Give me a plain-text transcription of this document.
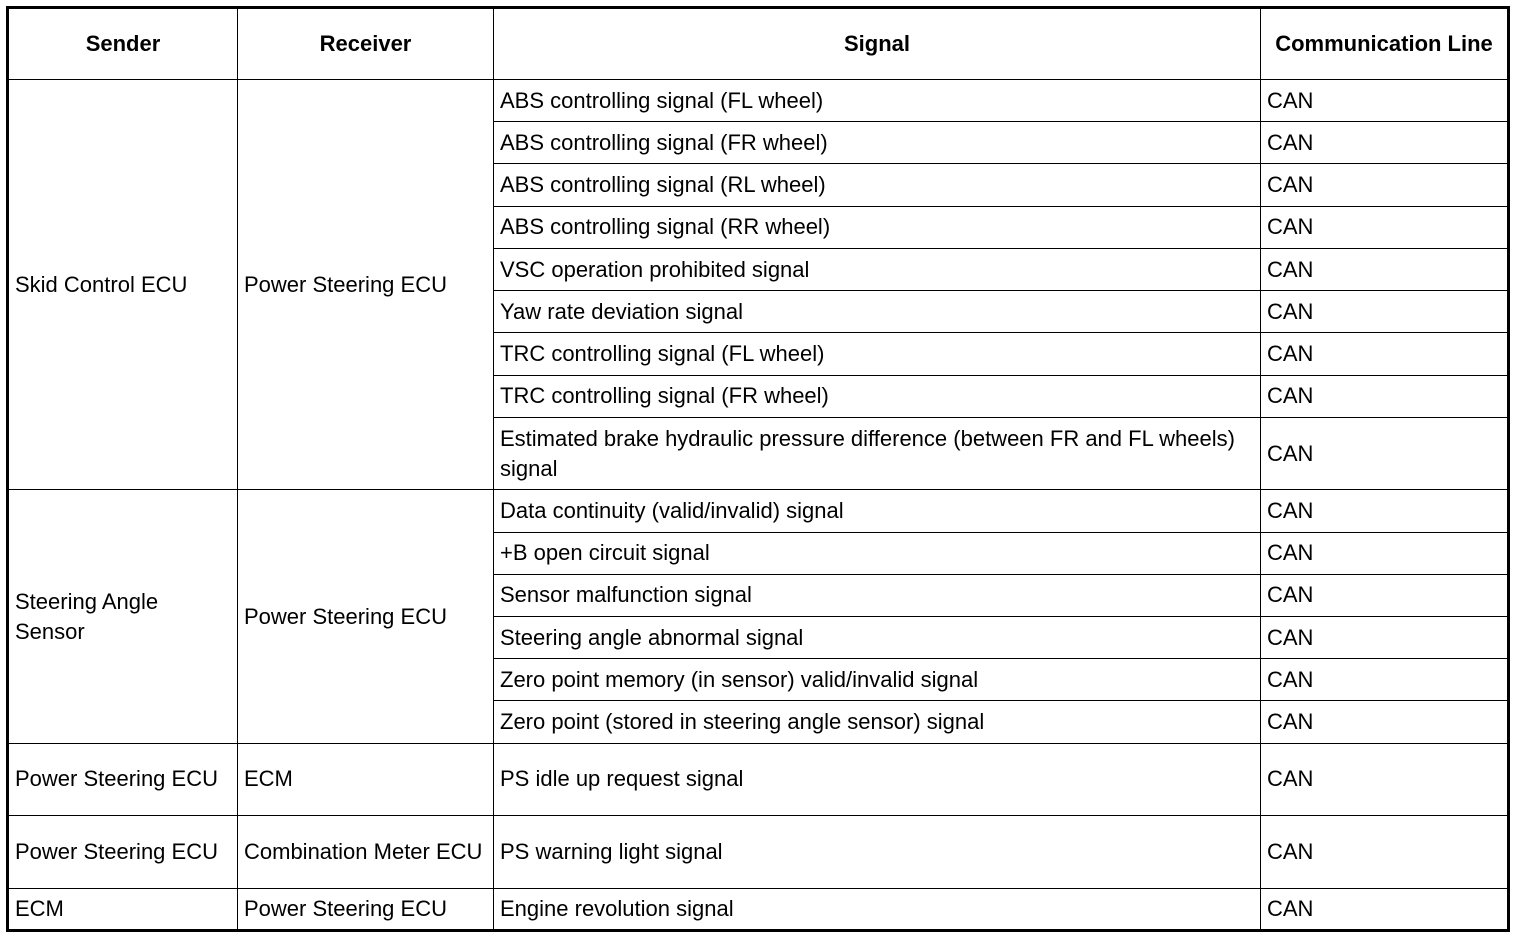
Sender	Receiver	Signal	Communication Line
Skid Control ECU	Power Steering ECU	ABS controlling signal (FL wheel)	CAN
		ABS controlling signal (FR wheel)	CAN
		ABS controlling signal (RL wheel)	CAN
		ABS controlling signal (RR wheel)	CAN
		VSC operation prohibited signal	CAN
		Yaw rate deviation signal	CAN
		TRC controlling signal (FL wheel)	CAN
		TRC controlling signal (FR wheel)	CAN
		Estimated brake hydraulic pressure difference (between FR and FL wheels) signal	CAN
Steering Angle Sensor	Power Steering ECU	Data continuity (valid/invalid) signal	CAN
		+B open circuit signal	CAN
		Sensor malfunction signal	CAN
		Steering angle abnormal signal	CAN
		Zero point memory (in sensor) valid/invalid signal	CAN
		Zero point (stored in steering angle sensor) signal	CAN
Power Steering ECU	ECM	PS idle up request signal	CAN
Power Steering ECU	Combination Meter ECU	PS warning light signal	CAN
ECM	Power Steering ECU	Engine revolution signal	CAN
